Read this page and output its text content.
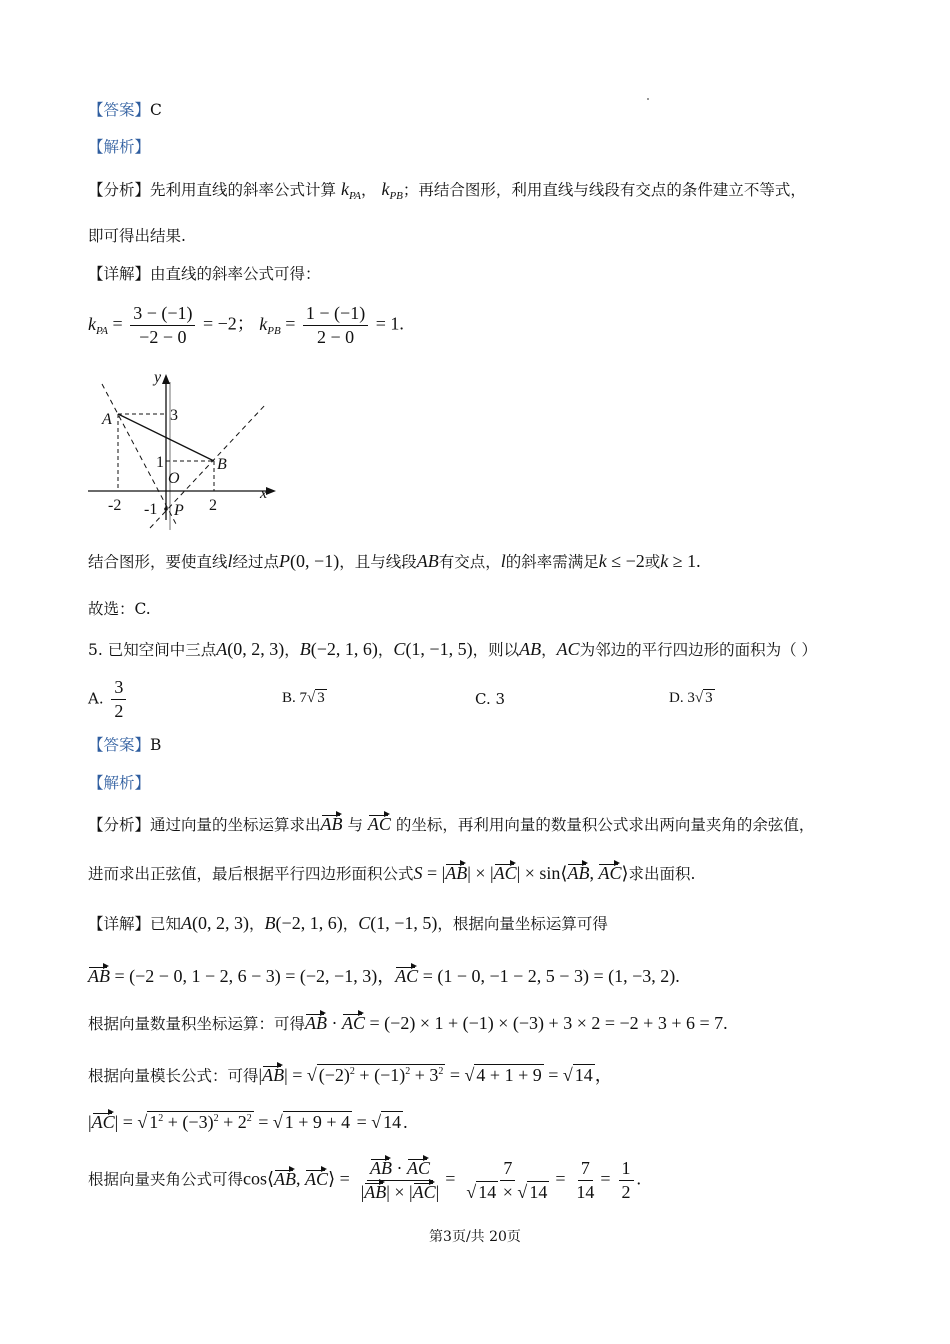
【答案】C
【解析】
【分析】先利用直线的斜率公式计算 $k_{PA}$， $k_{PB}$；再结合图形，利用直线与线段有交点的条件建立不等式，
即可得出结果.
【详解】由直线的斜率公式可得：
$k_{PA} = \frac{3 - (-1)}{-2 - 0} = -2$； $k_{PB} = \frac{1 - (-1)}{2 - 0} = 1$.
y
x
A
B
O
P
3
1
-2	2
-1
结合图形，要使直线l经过点P(0, −1)，且与线段AB有交点，l的斜率需满足k ≤ −2或k ≥ 1.
故选：C.
5. 已知空间中三点A(0, 2, 3)，B(−2, 1, 6)，C(1, −1, 5)，则以AB，AC为邻边的平行四边形的面积为（ ）
A. $\frac{3}{2}$	B. 7√ 3	C. 3	D. 3√ 3
【答案】B
【解析】
【分析】通过向量的坐标运算求出AB 与 AC 的坐标，再利用向量的数量积公式求出两向量夹角的余弦值，
进而求出正弦值，最后根据平行四边形面积公式S = |AB| × |AC| × sin⟨AB, AC⟩求出面积.
【详解】已知A(0, 2, 3)，B(−2, 1, 6)，C(1, −1, 5)，根据向量坐标运算可得
AB = (−2 − 0, 1 − 2, 6 − 3) = (−2, −1, 3)，AC = (1 − 0, −1 − 2, 5 − 3) = (1, −3, 2).
根据向量数量积坐标运算：可得AB · AC = (−2) × 1 + (−1) × (−3) + 3 × 2 = −2 + 3 + 6 = 7.
根据向量模长公式：可得|AB| = √ $(-2)^2 + (-1)^2 + 3^2$ = √ 4 + 1 + 9 = √ 14 ，
|AC| = √ $1^2 + (-3)^2 + 2^2$ = √ 1 + 9 + 4 = √ 14 .
根据向量夹角公式可得cos⟨AB, AC⟩ = $\frac{AB \cdot AC}{|AB| \times |AC|} = \frac{7}{√ 14 \times √ 14} = \frac{7}{14} = \frac{1}{2}$ .
第3页/共 20页
